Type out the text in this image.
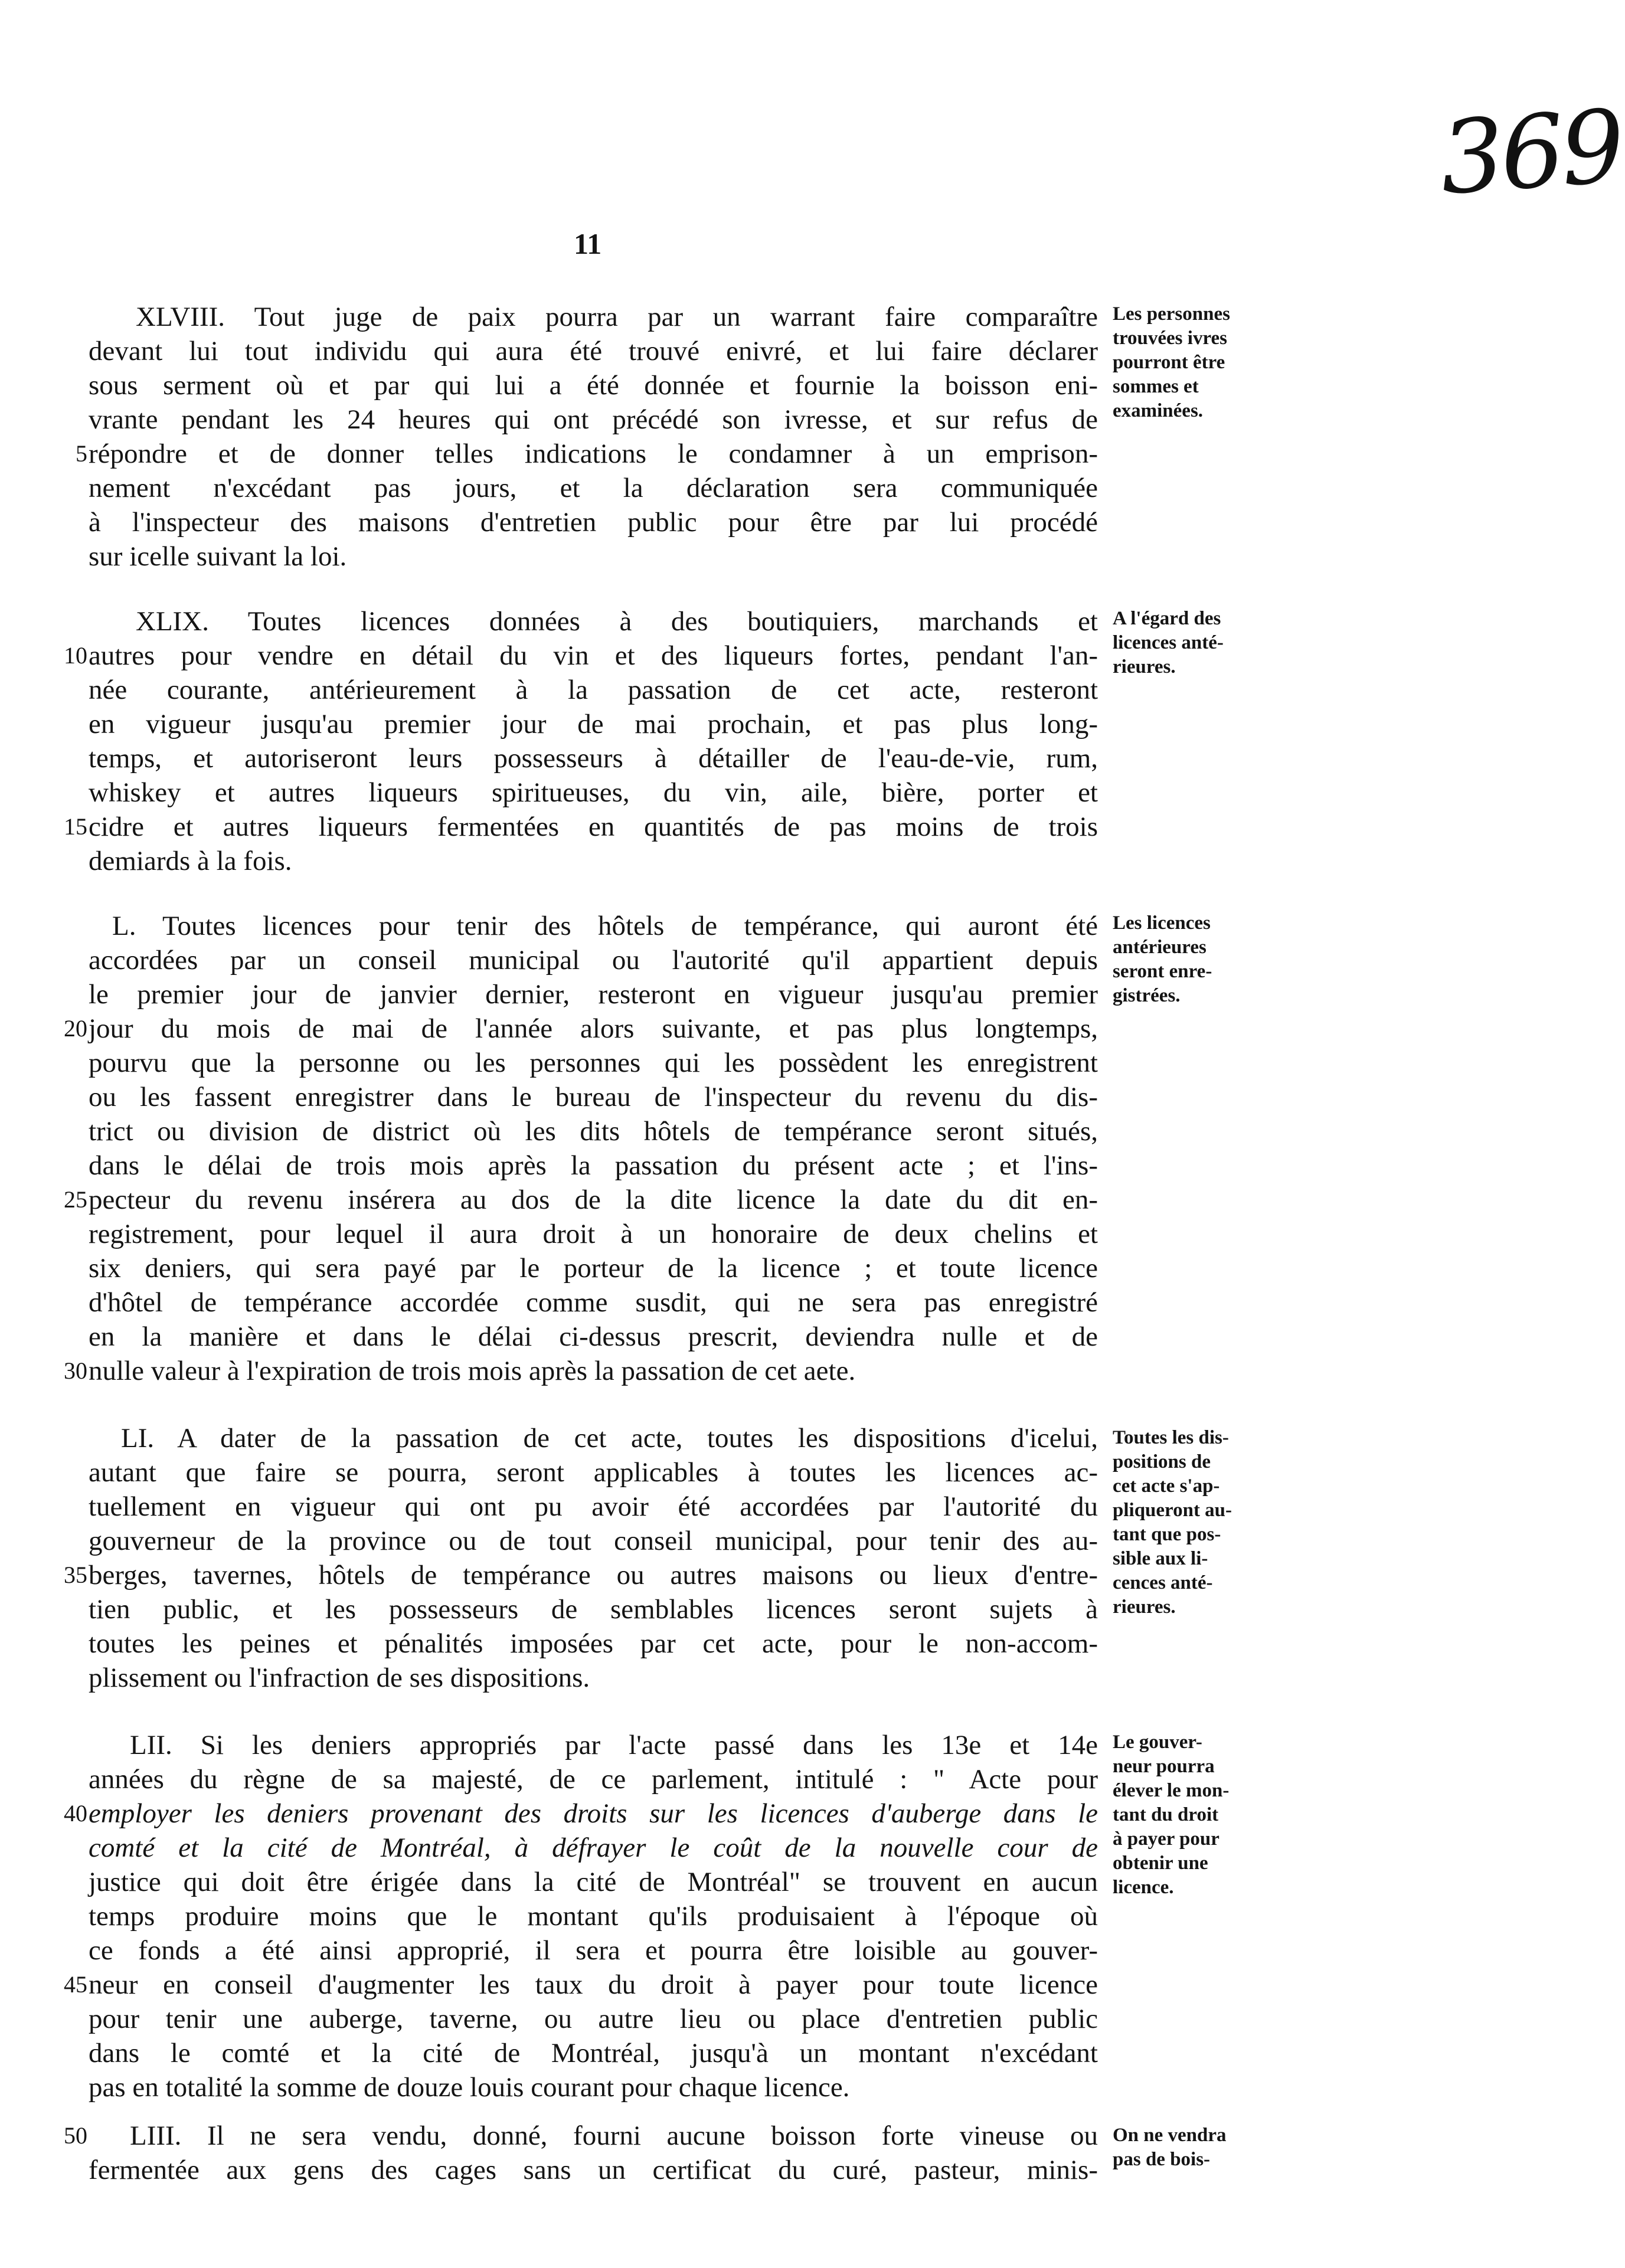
369
11
XLVIII. Tout juge de paix pourra par un warrant faire comparaître
devant lui tout individu qui aura été trouvé enivré, et lui faire déclarer
sous serment où et par qui lui a été donnée et fournie la boisson eni-
vrante pendant les 24 heures qui ont précédé son ivresse, et sur refus de
répondre et de donner telles indications le condamner à un emprison-
nement n'excédant pas jours, et la déclaration sera communiquée
à l'inspecteur des maisons d'entretien public pour être par lui procédé
sur icelle suivant la loi.
5
Les personnes
trouvées ivres
pourront être
sommes et
examinées.
XLIX. Toutes licences données à des boutiquiers, marchands et
autres pour vendre en détail du vin et des liqueurs fortes, pendant l'an-
née courante, antérieurement à la passation de cet acte, resteront
en vigueur jusqu'au premier jour de mai prochain, et pas plus long-
temps, et autoriseront leurs possesseurs à détailler de l'eau-de-vie, rum,
whiskey et autres liqueurs spiritueuses, du vin, aile, bière, porter et
cidre et autres liqueurs fermentées en quantités de pas moins de trois
demiards à la fois.
10
15
A l'égard des
licences anté-
rieures.
L. Toutes licences pour tenir des hôtels de tempérance, qui auront été
accordées par un conseil municipal ou l'autorité qu'il appartient depuis
le premier jour de janvier dernier, resteront en vigueur jusqu'au premier
jour du mois de mai de l'année alors suivante, et pas plus longtemps,
pourvu que la personne ou les personnes qui les possèdent les enregistrent
ou les fassent enregistrer dans le bureau de l'inspecteur du revenu du dis-
trict ou division de district où les dits hôtels de tempérance seront situés,
dans le délai de trois mois après la passation du présent acte ; et l'ins-
pecteur du revenu insérera au dos de la dite licence la date du dit en-
registrement, pour lequel il aura droit à un honoraire de deux chelins et
six deniers, qui sera payé par le porteur de la licence ; et toute licence
d'hôtel de tempérance accordée comme susdit, qui ne sera pas enregistré
en la manière et dans le délai ci-dessus prescrit, deviendra nulle et de
nulle valeur à l'expiration de trois mois après la passation de cet aete.
20
25
30
Les licences
antérieures
seront enre-
gistrées.
LI. A dater de la passation de cet acte, toutes les dispositions d'icelui,
autant que faire se pourra, seront applicables à toutes les licences ac-
tuellement en vigueur qui ont pu avoir été accordées par l'autorité du
gouverneur de la province ou de tout conseil municipal, pour tenir des au-
berges, tavernes, hôtels de tempérance ou autres maisons ou lieux d'entre-
tien public, et les possesseurs de semblables licences seront sujets à
toutes les peines et pénalités imposées par cet acte, pour le non-accom-
plissement ou l'infraction de ses dispositions.
35
Toutes les dis-
positions de
cet acte s'ap-
pliqueront au-
tant que pos-
sible aux li-
cences anté-
rieures.
LII. Si les deniers appropriés par l'acte passé dans les 13e et 14e
années du règne de sa majesté, de ce parlement, intitulé : " Acte pour
employer les deniers provenant des droits sur les licences d'auberge dans le
comté et la cité de Montréal, à défrayer le coût de la nouvelle cour de
justice qui doit être érigée dans la cité de Montréal" se trouvent en aucun
temps produire moins que le montant qu'ils produisaient à l'époque où
ce fonds a été ainsi approprié, il sera et pourra être loisible au gouver-
neur en conseil d'augmenter les taux du droit à payer pour toute licence
pour tenir une auberge, taverne, ou autre lieu ou place d'entretien public
dans le comté et la cité de Montréal, jusqu'à un montant n'excédant
pas en totalité la somme de douze louis courant pour chaque licence.
40
45
Le gouver-
neur pourra
élever le mon-
tant du droit
à payer pour
obtenir une
licence.
LIII. Il ne sera vendu, donné, fourni aucune boisson forte vineuse ou
fermentée aux gens des cages sans un certificat du curé, pasteur, minis-
50	On ne vendra
pas de bois-
